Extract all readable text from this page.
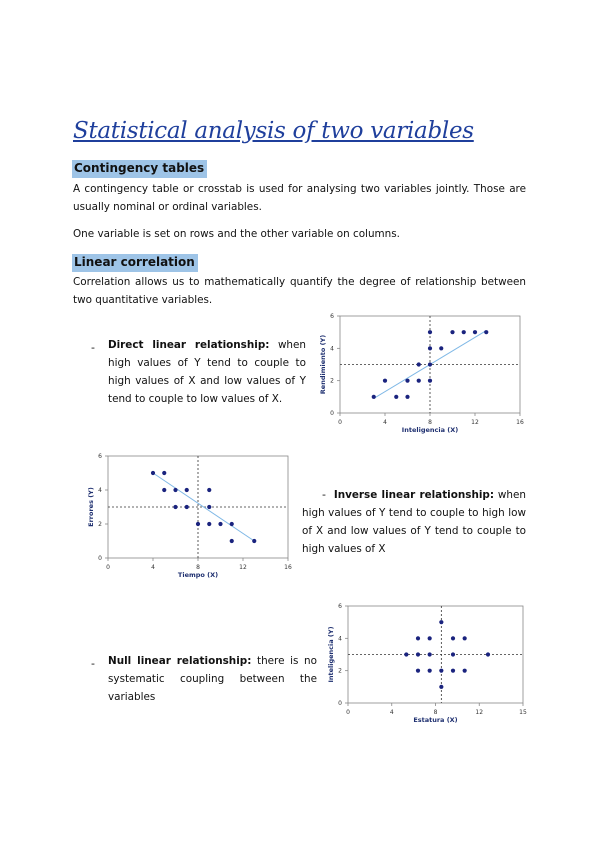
Statistical analysis of two variables
Contingency tables
A contingency table or crosstab is used for analysing two variables jointly. Those are usually nominal or ordinal variables.
One variable is set on rows and the other variable on columns.
Linear correlation
Correlation allows us to mathematically quantify the degree of relationship between two quantitative variables.
- Direct linear relationship: when high values of Y tend to couple to high values of X and low values of Y tend to couple to low values of X.
- Inverse linear relationship: when high values of Y tend to couple to high low of X and low values of Y tend to couple to high values of X
- Null linear relationship: there is no systematic coupling between the variables
0	4	8	12	16
0
2
4
6
Inteligencia (X)
Rendimiento (Y)
0	4	8	12	16
0
2
4
6
Tiempo (X)
Errores (Y)
0	4	8	12	15
0
2
4
6
Estatura (X)
Inteligencia (Y)
